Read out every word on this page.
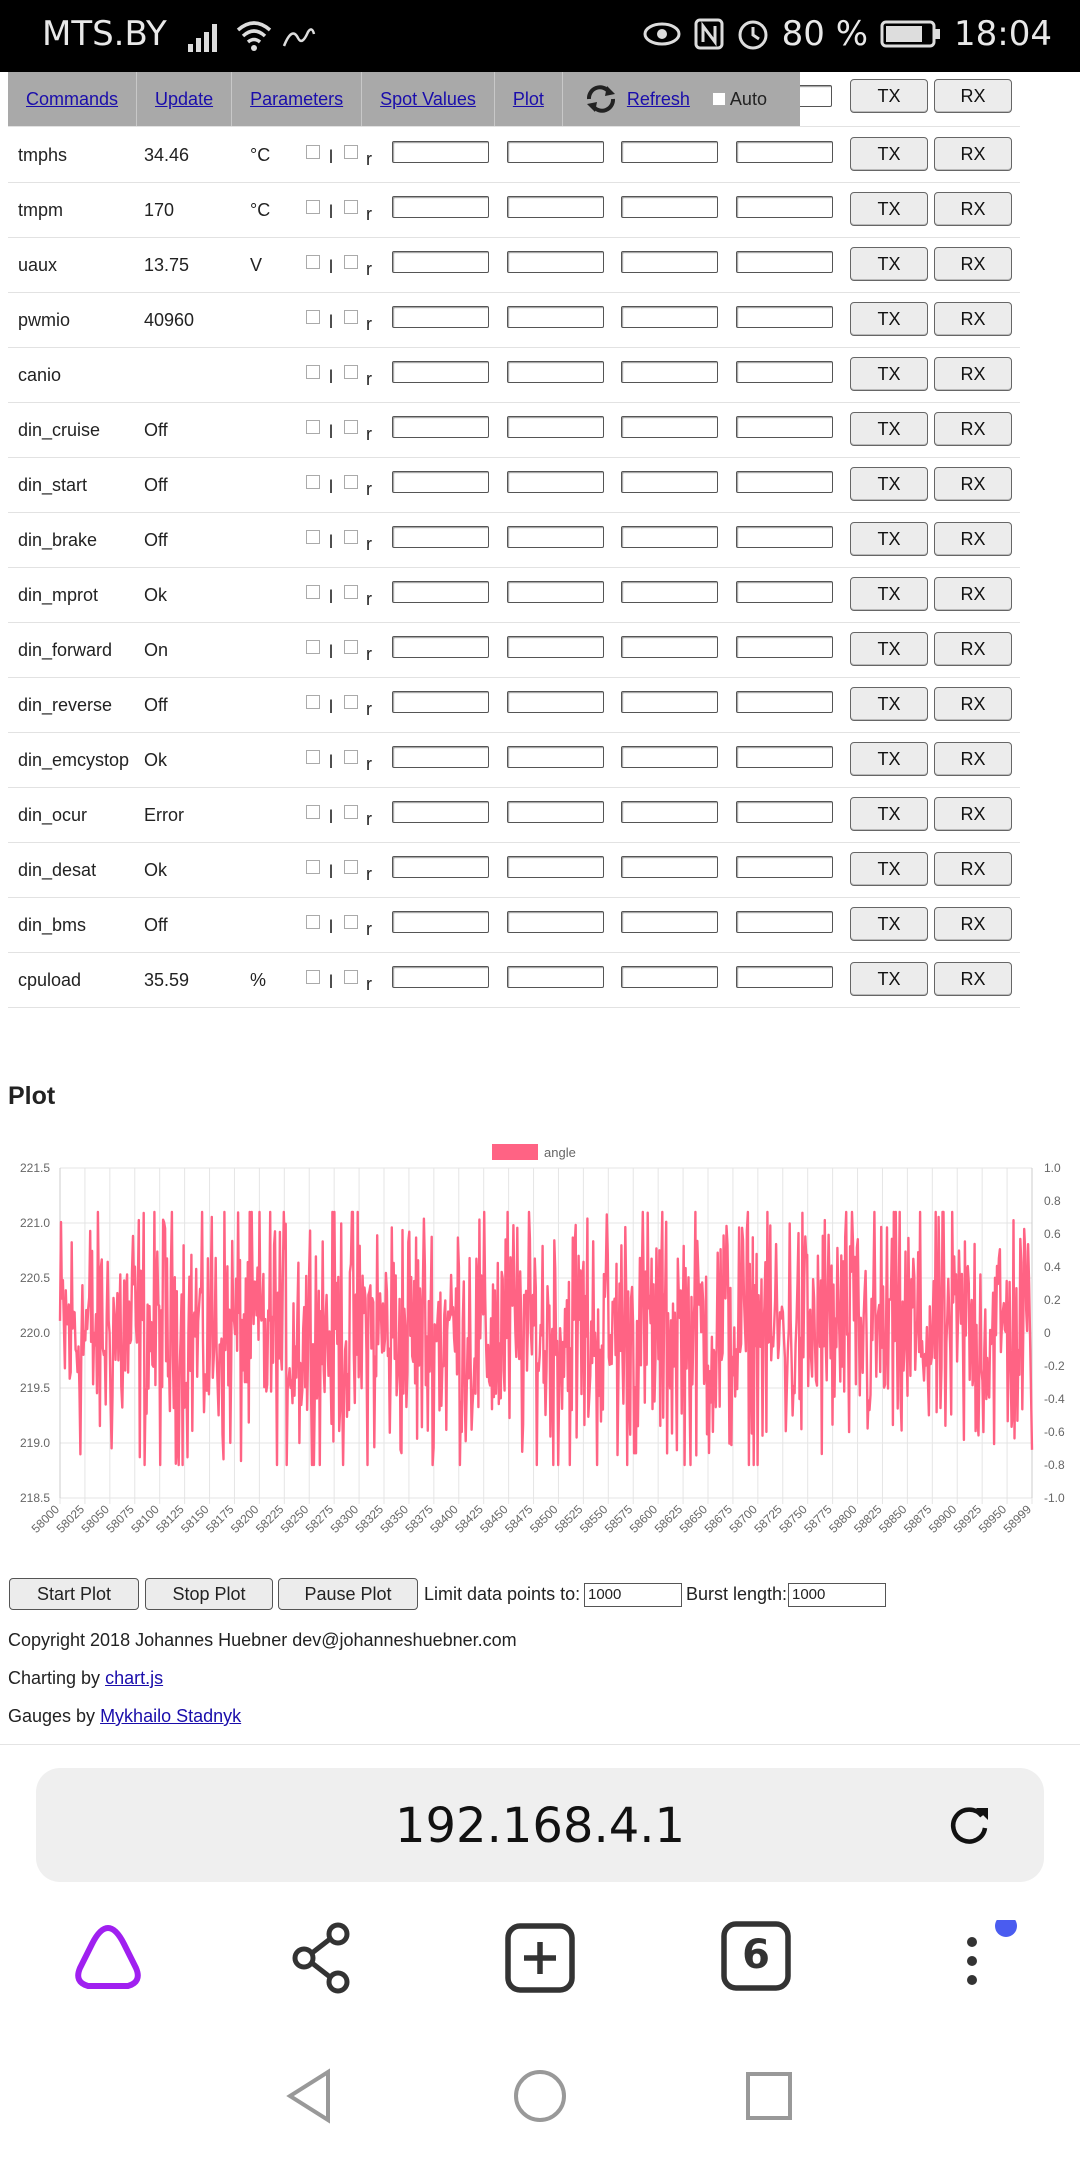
MTS.BY	80 %	18:04
TX	RX
Commands	Update	Parameters	Spot Values	Plot	Refresh Auto
tmphs	34.46	°C	l r	TX	RX
tmpm	170	°C	l r	TX	RX
uaux	13.75	V	l r	TX	RX
pwmio	40960	l r	TX	RX
canio	l r	TX	RX
din_cruise Off	l r	TX	RX
din_start	Off	l r	TX	RX
din_brake	Off	l r	TX	RX
din_mprot	Ok	l r	TX	RX
din_forward On	l r	TX	RX
din_reverse Off	l r	TX	RX
din_emcystop Ok	l r	TX	RX
din_ocur	Error	l r	TX	RX
din_desat	Ok	l r	TX	RX
din_bms	Off	l r	TX	RX
cpuload	35.59	%	l r	TX	RX
Plot
angle
221.5
221.0
220.5
220.0
219.5
219.0
218.5
1.0
0.8
0.6
0.4
0.2
0
-0.2
-0.4
-0.6
-0.8
-1.0
58000
58025
58050
58075
58100
58125
58150
58175
58200
58225
58250
58275
58300
58325
58350
58375
58400
58425
58450
58475
58500
58525
58550
58575
58600
58625
58650
58675
58700
58725
58750
58775
58800
58825
58850
58875
58900
58925
58950
58999
Start Plot	Stop Plot	Pause Plot	Limit data points to: 1000	Burst length: 1000
Copyright 2018 Johannes Huebner dev@johanneshuebner.com
Charting by chart.js
Gauges by Mykhailo Stadnyk
192.168.4.1
6
